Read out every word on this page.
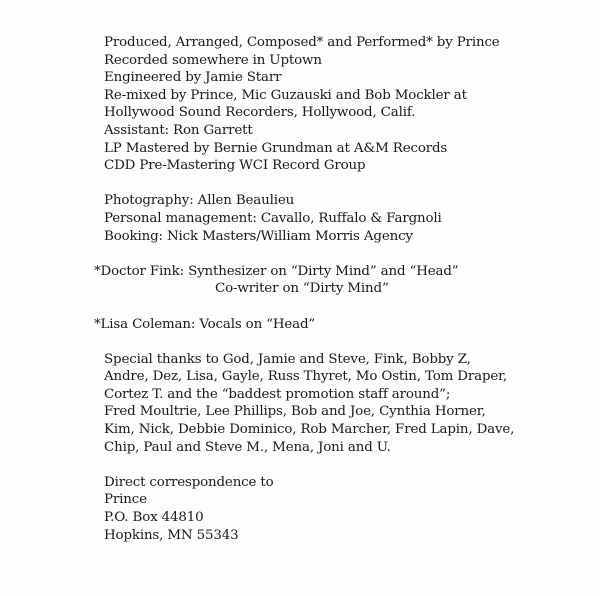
Produced, Arranged, Composed* and Performed* by Prince
Recorded somewhere in Uptown
Engineered by Jamie Starr
Re-mixed by Prince, Mic Guzauski and Bob Mockler at
Hollywood Sound Recorders, Hollywood, Calif.
Assistant: Ron Garrett
LP Mastered by Bernie Grundman at A&M Records
CDD Pre-Mastering WCI Record Group
Photography: Allen Beaulieu
Personal management: Cavallo, Ruffalo & Fargnoli
Booking: Nick Masters/William Morris Agency
*Doctor Fink: Synthesizer on “Dirty Mind” and “Head”
Co-writer on “Dirty Mind”
*Lisa Coleman: Vocals on “Head”
Special thanks to God, Jamie and Steve, Fink, Bobby Z,
Andre, Dez, Lisa, Gayle, Russ Thyret, Mo Ostin, Tom Draper,
Cortez T. and the “baddest promotion staff around”;
Fred Moultrie, Lee Phillips, Bob and Joe, Cynthia Horner,
Kim, Nick, Debbie Dominico, Rob Marcher, Fred Lapin, Dave,
Chip, Paul and Steve M., Mena, Joni and U.
Direct correspondence to
Prince
P.O. Box 44810
Hopkins, MN 55343
